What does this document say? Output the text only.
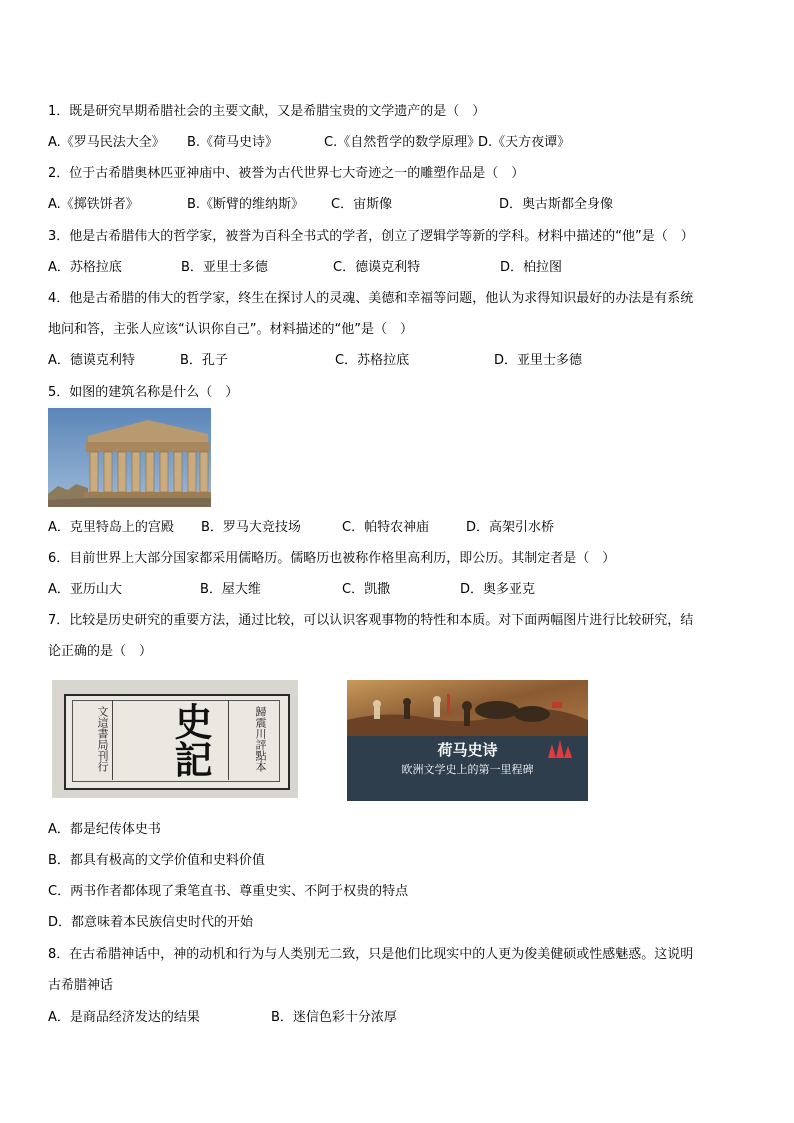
1．既是研究早期希腊社会的主要文献，又是希腊宝贵的文学遗产的是（　）
A.《罗马民法大全》 B.《荷马史诗》	C.《自然哲学的数学原理》
D.《天方夜谭》
2．位于古希腊奥林匹亚神庙中、被誉为古代世界七大奇迹之一的雕塑作品是（　）
A.《掷铁饼者》	B.《断臂的维纳斯》 C．宙斯像	D．奥古斯都全身像
3．他是古希腊伟大的哲学家，被誉为百科全书式的学者，创立了逻辑学等新的学科。材料中描述的“他”是（　）
A．苏格拉底	B．亚里士多德	C．德谟克利特	D．柏拉图
4．他是古希腊的伟大的哲学家，终生在探讨人的灵魂、美德和幸福等问题，他认为求得知识最好的办法是有系统
地问和答，主张人应该“认识你自己”。材料描述的“他”是（　）
A．德谟克利特	B．孔子	C．苏格拉底	D．亚里士多德
5．如图的建筑名称是什么（　）
A．克里特岛上的宫殿 B．罗马大竞技场	C．帕特农神庙	D．高架引水桥
6．目前世界上大部分国家都采用儒略历。儒略历也被称作格里高利历，即公历。其制定者是（　）
A．亚历山大	B．屋大维	C．凯撒	D．奥多亚克
7．比较是历史研究的重要方法，通过比较，可以认识客观事物的特性和本质。对下面两幅图片进行比较研究，结
论正确的是（　）
文這書局刊行	歸震川評點本
史記	荷马史诗
欧洲文学史上的第一里程碑
A．都是纪传体史书
B．都具有极高的文学价值和史料价值
C．两书作者都体现了秉笔直书、尊重史实、不阿于权贵的特点
D．都意味着本民族信史时代的开始
8．在古希腊神话中，神的动机和行为与人类别无二致，只是他们比现实中的人更为俊美健硕或性感魅惑。这说明
古希腊神话
A．是商品经济发达的结果	B．迷信色彩十分浓厚
